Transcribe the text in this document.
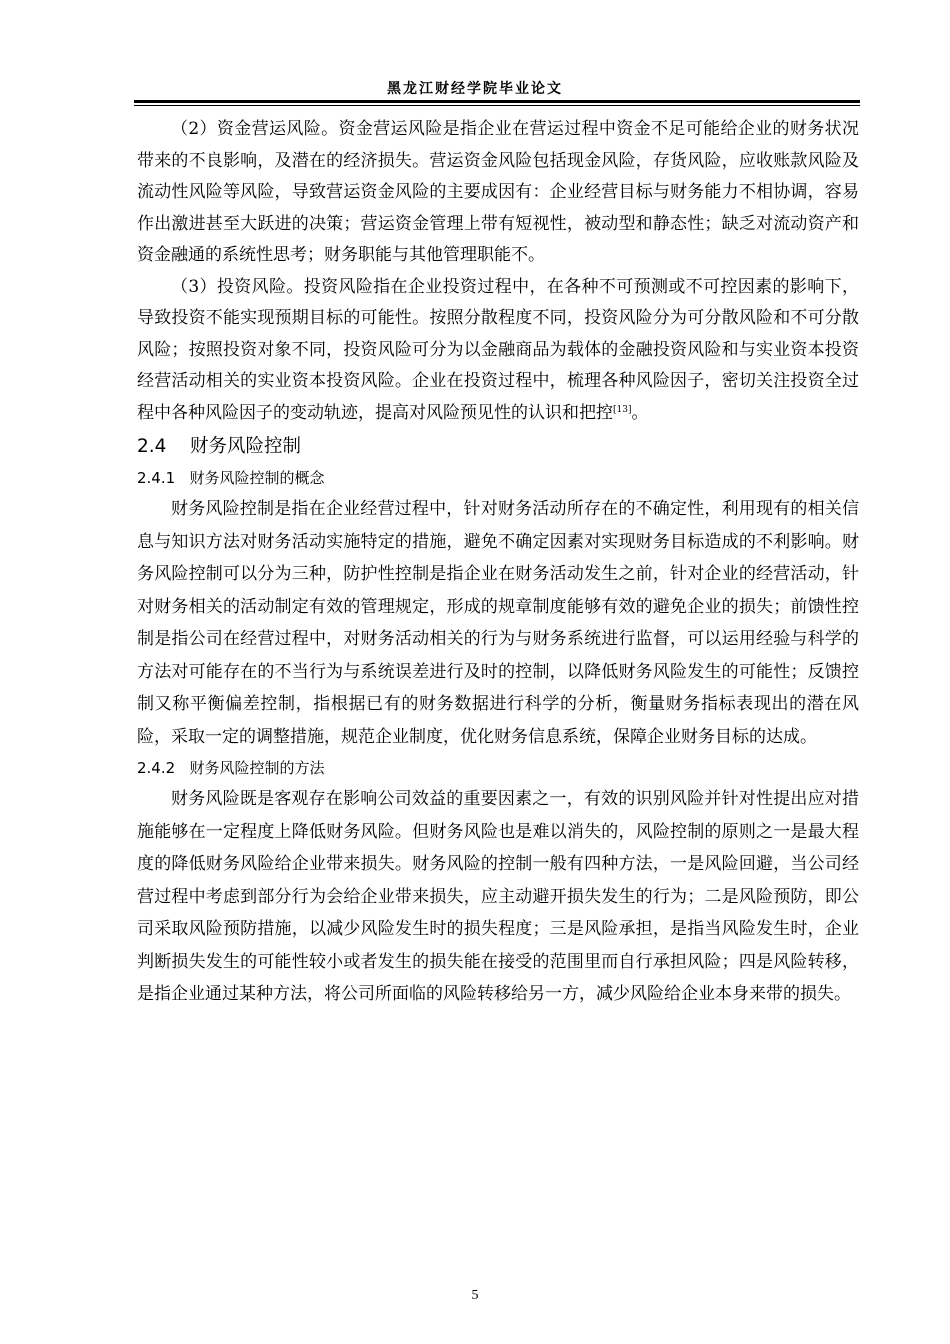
黑龙江财经学院毕业论文

（2）资金营运风险。资金营运风险是指企业在营运过程中资金不足可能给企业的财务状况带来的不良影响，及潜在的经济损失。营运资金风险包括现金风险，存货风险，应收账款风险及流动性风险等风险，导致营运资金风险的主要成因有：企业经营目标与财务能力不相协调，容易作出激进甚至大跃进的决策；营运资金管理上带有短视性，被动型和静态性；缺乏对流动资产和资金融通的系统性思考；财务职能与其他管理职能不。

（3）投资风险。投资风险指在企业投资过程中，在各种不可预测或不可控因素的影响下，导致投资不能实现预期目标的可能性。按照分散程度不同，投资风险分为可分散风险和不可分散风险；按照投资对象不同，投资风险可分为以金融商品为载体的金融投资风险和与实业资本投资经营活动相关的实业资本投资风险。企业在投资过程中，梳理各种风险因子，密切关注投资全过程中各种风险因子的变动轨迹，提高对风险预见性的认识和把控[13]。

2.4 财务风险控制
2.4.1 财务风险控制的概念

财务风险控制是指在企业经营过程中，针对财务活动所存在的不确定性，利用现有的相关信息与知识方法对财务活动实施特定的措施，避免不确定因素对实现财务目标造成的不利影响。财务风险控制可以分为三种，防护性控制是指企业在财务活动发生之前，针对企业的经营活动，针对财务相关的活动制定有效的管理规定，形成的规章制度能够有效的避免企业的损失；前馈性控制是指公司在经营过程中，对财务活动相关的行为与财务系统进行监督，可以运用经验与科学的方法对可能存在的不当行为与系统误差进行及时的控制，以降低财务风险发生的可能性；反馈控制又称平衡偏差控制，指根据已有的财务数据进行科学的分析，衡量财务指标表现出的潜在风险，采取一定的调整措施，规范企业制度，优化财务信息系统，保障企业财务目标的达成。

2.4.2 财务风险控制的方法

财务风险既是客观存在影响公司效益的重要因素之一，有效的识别风险并针对性提出应对措施能够在一定程度上降低财务风险。但财务风险也是难以消失的，风险控制的原则之一是最大程度的降低财务风险给企业带来损失。财务风险的控制一般有四种方法，一是风险回避，当公司经营过程中考虑到部分行为会给企业带来损失，应主动避开损失发生的行为；二是风险预防，即公司采取风险预防措施，以减少风险发生时的损失程度；三是风险承担，是指当风险发生时，企业判断损失发生的可能性较小或者发生的损失能在接受的范围里而自行承担风险；四是风险转移，是指企业通过某种方法，将公司所面临的风险转移给另一方，减少风险给企业本身来带的损失。

5
